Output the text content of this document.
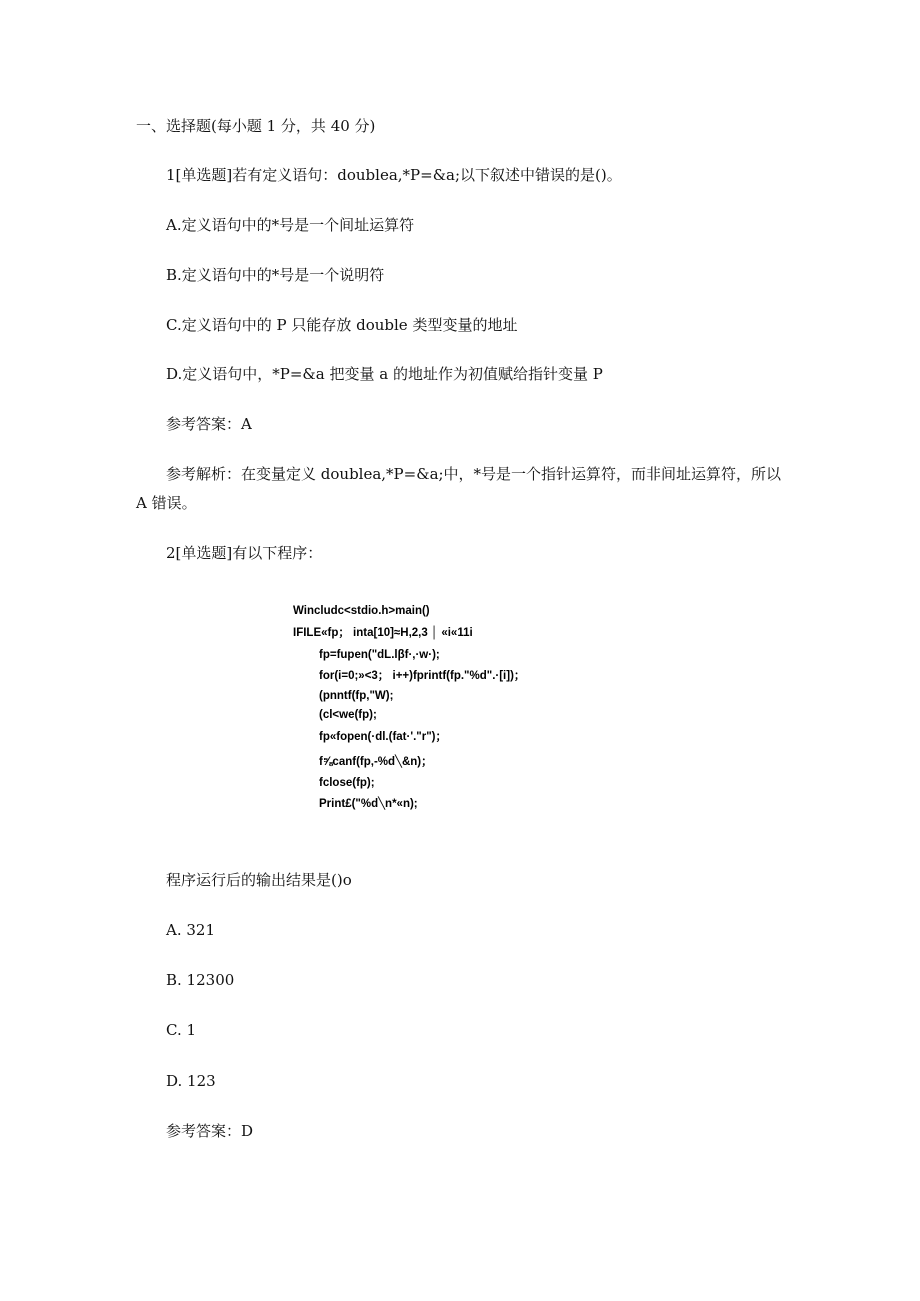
一、选择题(每小题 1 分，共 40 分)
1[单选题]若有定义语句：doublea,*P=&a;以下叙述中错误的是()。
A.定义语句中的*号是一个间址运算符
B.定义语句中的*号是一个说明符
C.定义语句中的 P 只能存放 double 类型变量的地址
D.定义语句中，*P=&a 把变量 a 的地址作为初值赋给指针变量 P
参考答案：A
参考解析：在变量定义 doublea,*P=&a;中，*号是一个指针运算符，而非间址运算符，所以
A 错误。
2[单选题]有以下程序：
Wincludc<stdio.h>main()
IFILE«fp； inta[10]≈H,2,3 │ «i«11i
fp=fupen("dL.lβf·,·w·);
for(i=0;»<3； i++)fprintf(fp."%d".·[i])；
(pnntf(fp,"W);
(cl<we(fp);
fp«fopen(·dl.(fat·'."r")；
f⅝canf(fp,-%d╲&n)；
fclose(fp);
Print£("%d╲n*«n);
程序运行后的输出结果是()o
A. 321
B. 12300
C. 1
D. 123
参考答案：D
